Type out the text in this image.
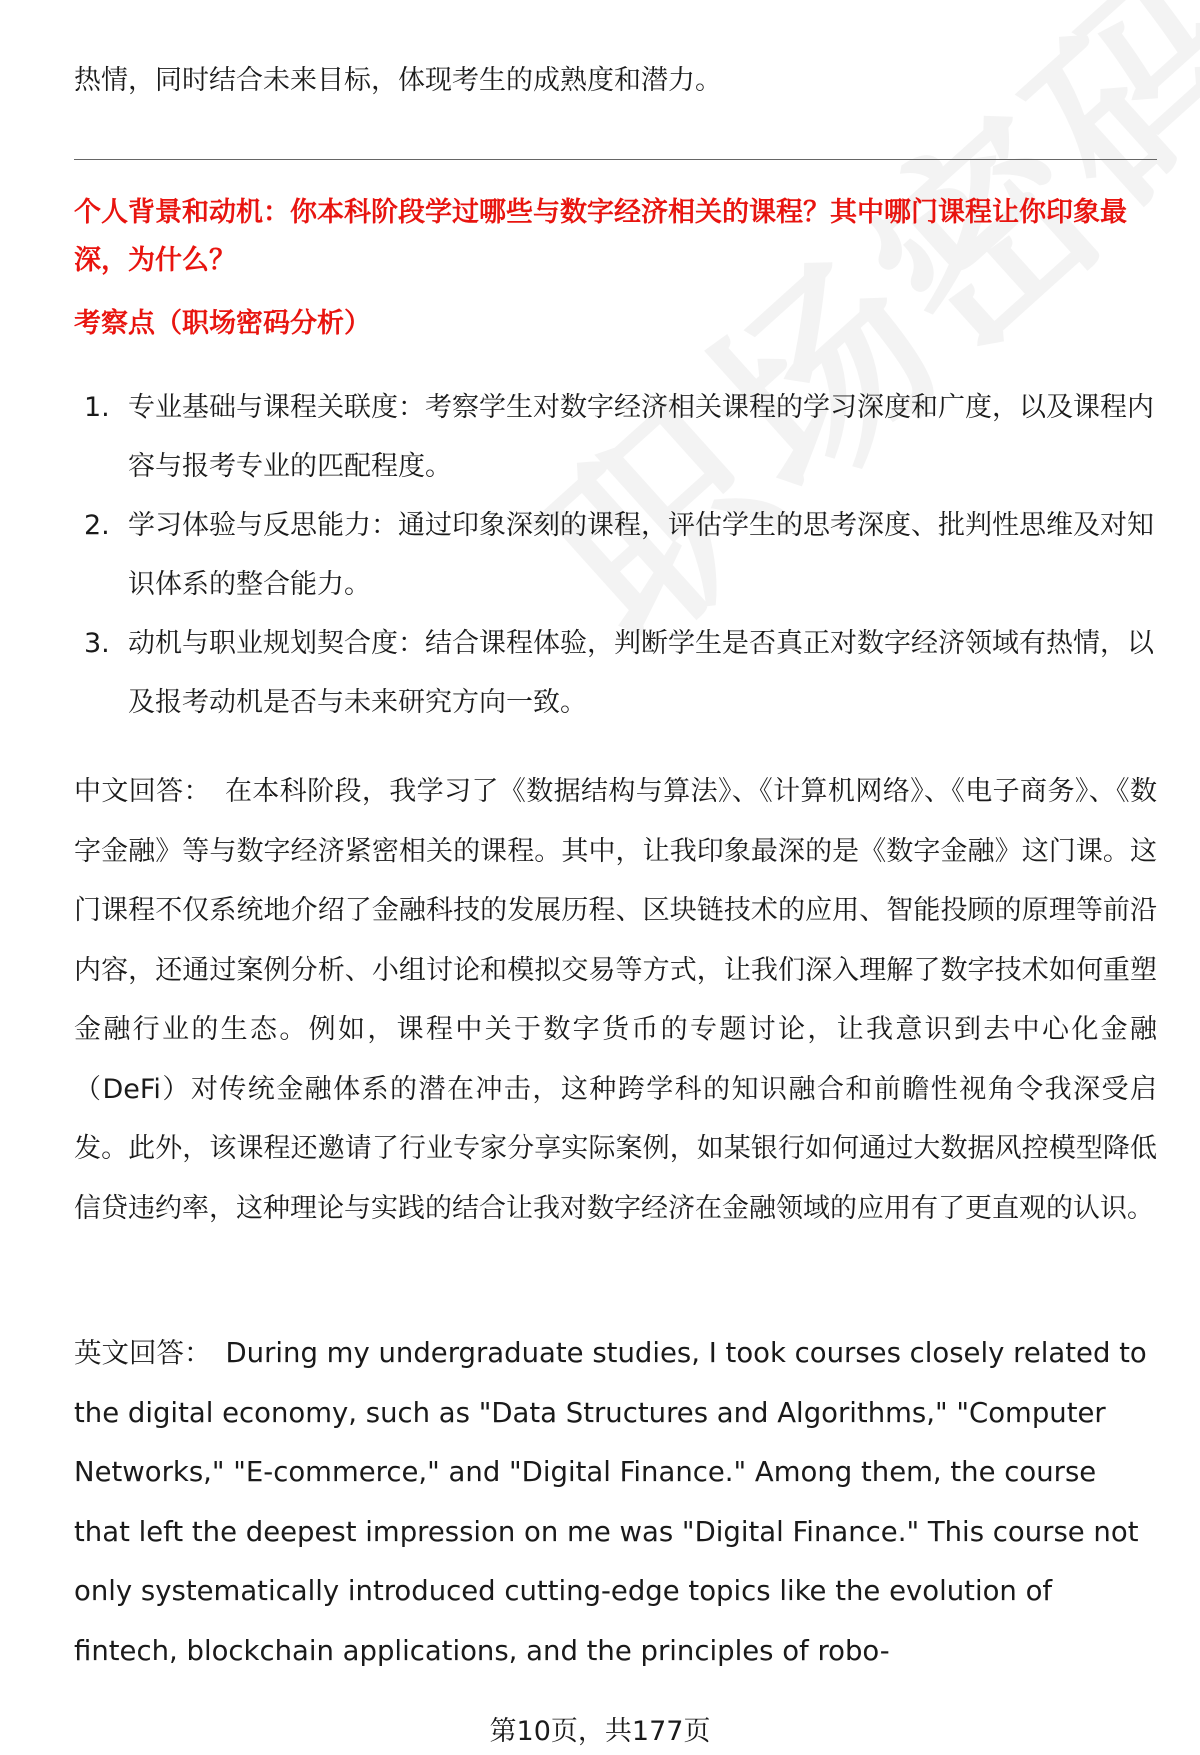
热情，同时结合未来目标，体现考生的成熟度和潜力。

个人背景和动机：你本科阶段学过哪些与数字经济相关的课程？其中哪门课程让你印象最深，为什么？

考察点（职场密码分析）

1. 专业基础与课程关联度：考察学生对数字经济相关课程的学习深度和广度，以及课程内容与报考专业的匹配程度。
2. 学习体验与反思能力：通过印象深刻的课程，评估学生的思考深度、批判性思维及对知识体系的整合能力。
3. 动机与职业规划契合度：结合课程体验，判断学生是否真正对数字经济领域有热情，以及报考动机是否与未来研究方向一致。

中文回答： 在本科阶段，我学习了《数据结构与算法》、《计算机网络》、《电子商务》、《数字金融》等与数字经济紧密相关的课程。其中，让我印象最深的是《数字金融》这门课。这门课程不仅系统地介绍了金融科技的发展历程、区块链技术的应用、智能投顾的原理等前沿内容，还通过案例分析、小组讨论和模拟交易等方式，让我们深入理解了数字技术如何重塑金融行业的生态。例如，课程中关于数字货币的专题讨论，让我意识到去中心化金融（DeFi）对传统金融体系的潜在冲击，这种跨学科的知识融合和前瞻性视角令我深受启发。此外，该课程还邀请了行业专家分享实际案例，如某银行如何通过大数据风控模型降低信贷违约率，这种理论与实践的结合让我对数字经济在金融领域的应用有了更直观的认识。

英文回答： During my undergraduate studies, I took courses closely related to the digital economy, such as "Data Structures and Algorithms," "Computer Networks," "E-commerce," and "Digital Finance." Among them, the course that left the deepest impression on me was "Digital Finance." This course not only systematically introduced cutting-edge topics like the evolution of fintech, blockchain applications, and the principles of robo-

第10页，共177页
